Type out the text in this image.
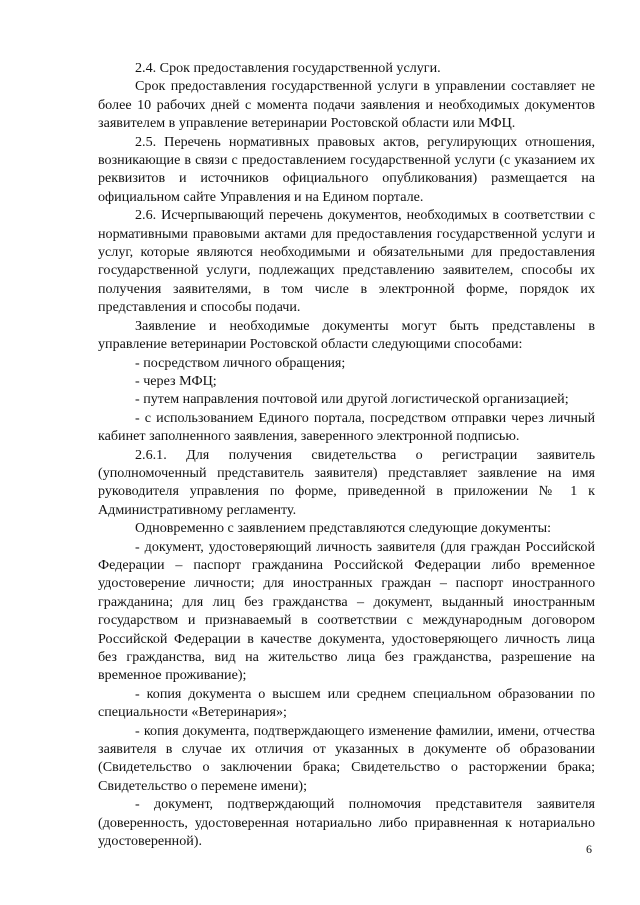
2.4. Срок предоставления государственной услуги.

Срок предоставления государственной услуги в управлении составляет не более 10 рабочих дней с момента подачи заявления и необходимых документов заявителем в управление ветеринарии Ростовской области или МФЦ.

2.5. Перечень нормативных правовых актов, регулирующих отношения, возникающие в связи с предоставлением государственной услуги (с указанием их реквизитов и источников официального опубликования) размещается на официальном сайте Управления и на Едином портале.

2.6. Исчерпывающий перечень документов, необходимых в соответствии с нормативными правовыми актами для предоставления государственной услуги и услуг, которые являются необходимыми и обязательными для предоставления государственной услуги, подлежащих представлению заявителем, способы их получения заявителями, в том числе в электронной форме, порядок их представления и способы подачи.

Заявление и необходимые документы могут быть представлены в управление ветеринарии Ростовской области следующими способами:

- посредством личного обращения;

- через МФЦ;

- путем направления почтовой или другой логистической организацией;

- с использованием Единого портала, посредством отправки через личный кабинет заполненного заявления, заверенного электронной подписью.

2.6.1. Для получения свидетельства о регистрации заявитель (уполномоченный представитель заявителя) представляет заявление на имя руководителя управления по форме, приведенной в приложении № 1 к Административному регламенту.

Одновременно с заявлением представляются следующие документы:

- документ, удостоверяющий личность заявителя (для граждан Российской Федерации – паспорт гражданина Российской Федерации либо временное удостоверение личности; для иностранных граждан – паспорт иностранного гражданина; для лиц без гражданства – документ, выданный иностранным государством и признаваемый в соответствии с международным договором Российской Федерации в качестве документа, удостоверяющего личность лица без гражданства, вид на жительство лица без гражданства, разрешение на временное проживание);

- копия документа о высшем или среднем специальном образовании по специальности «Ветеринария»;

- копия документа, подтверждающего изменение фамилии, имени, отчества заявителя в случае их отличия от указанных в документе об образовании (Свидетельство о заключении брака; Свидетельство о расторжении брака; Свидетельство о перемене имени);

- документ, подтверждающий полномочия представителя заявителя (доверенность, удостоверенная нотариально либо приравненная к нотариально удостоверенной).	6
